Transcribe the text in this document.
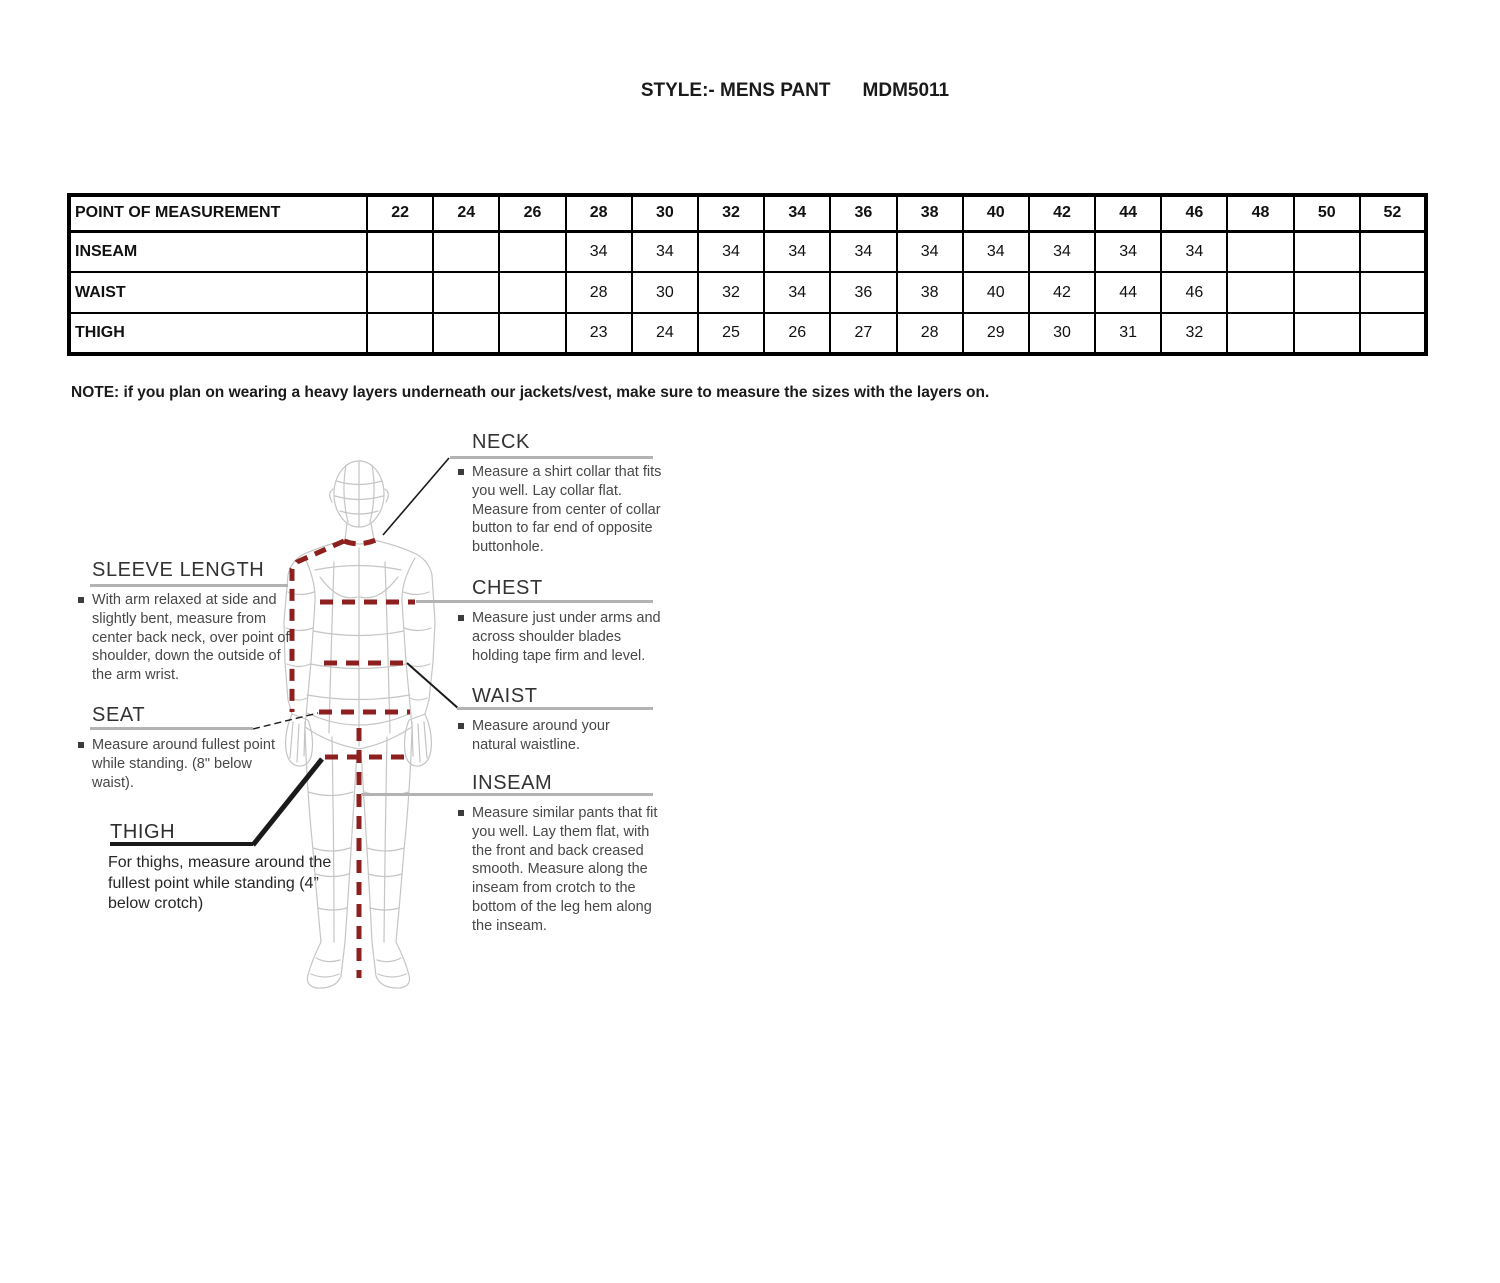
STYLE:- MENS PANT MDM5011
POINT OF MEASUREMENT	22	24	26	28	30	32	34	36	38	40	42	44	46	48	50	52
INSEAM				34	34	34	34	34	34	34	34	34	34			
WAIST				28	30	32	34	36	38	40	42	44	46			
THIGH				23	24	25	26	27	28	29	30	31	32			
NOTE: if you plan on wearing a heavy layers underneath our jackets/vest, make sure to measure the sizes with the layers on.
NECK
Measure a shirt collar that fits you well. Lay collar flat. Measure from center of collar button to far end of opposite buttonhole.
CHEST
Measure just under arms and across shoulder blades holding tape firm and level.
WAIST
Measure around your natural waistline.
INSEAM
Measure similar pants that fit you well. Lay them flat, with the front and back creased smooth. Measure along the inseam from crotch to the bottom of the leg hem along the inseam.
SLEEVE LENGTH
With arm relaxed at side and slightly bent, measure from center back neck, over point of shoulder, down the outside of the arm wrist.
SEAT
Measure around fullest point while standing. (8" below waist).
THIGH
For thighs, measure around the fullest point while standing (4” below crotch)
